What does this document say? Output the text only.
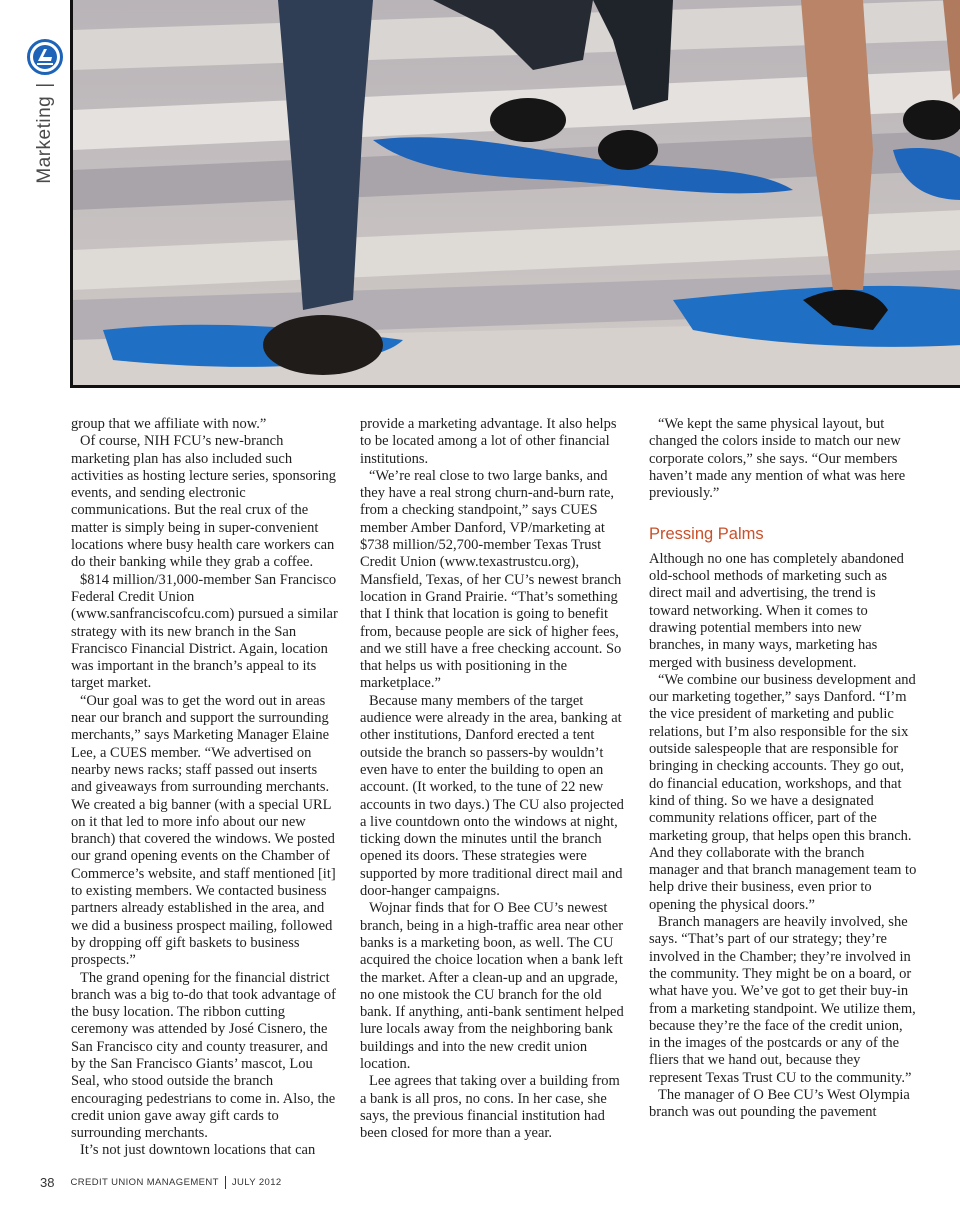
Marketing|

group that we affiliate with now.”

Of course, NIH FCU’s new-branch marketing plan has also included such activities as hosting lecture series, sponsoring events, and sending electronic communications. But the real crux of the matter is simply being in super-convenient locations where busy health care workers can do their banking while they grab a coffee.

$814 million/31,000-member San Francisco Federal Credit Union (www.sanfranciscofcu.com) pursued a similar strategy with its new branch in the San Francisco Financial District. Again, location was important in the branch’s appeal to its target market.

“Our goal was to get the word out in areas near our branch and support the surrounding merchants,” says Marketing Manager Elaine Lee, a CUES member. “We advertised on nearby news racks; staff passed out inserts and giveaways from surrounding merchants. We created a big banner (with a special URL on it that led to more info about our new branch) that covered the windows. We posted our grand opening events on the Chamber of Commerce’s website, and staff mentioned [it] to existing members. We contacted business partners already established in the area, and we did a business prospect mailing, followed by dropping off gift baskets to business prospects.”

The grand opening for the financial district branch was a big to-do that took advantage of the busy location. The ribbon cutting ceremony was attended by José Cisnero, the San Francisco city and county treasurer, and by the San Francisco Giants’ mascot, Lou Seal, who stood outside the branch encouraging pedestrians to come in. Also, the credit union gave away gift cards to surrounding merchants.

It’s not just downtown locations that can

provide a marketing advantage. It also helps to be located among a lot of other financial institutions.

“We’re real close to two large banks, and they have a real strong churn-and-burn rate, from a checking standpoint,” says CUES member Amber Danford, VP/marketing at $738 million/52,700-member Texas Trust Credit Union (www.texastrustcu.org), Mansfield, Texas, of her CU’s newest branch location in Grand Prairie. “That’s something that I think that location is going to benefit from, because people are sick of higher fees, and we still have a free checking account. So that helps us with positioning in the marketplace.”

Because many members of the target audience were already in the area, banking at other institutions, Danford erected a tent outside the branch so passers-by wouldn’t even have to enter the building to open an account. (It worked, to the tune of 22 new accounts in two days.) The CU also projected a live countdown onto the windows at night, ticking down the minutes until the branch opened its doors. These strategies were supported by more traditional direct mail and door-hanger campaigns.

Wojnar finds that for O Bee CU’s newest branch, being in a high-traffic area near other banks is a marketing boon, as well. The CU acquired the choice location when a bank left the market. After a clean-up and an upgrade, no one mistook the CU branch for the old bank. If anything, anti-bank sentiment helped lure locals away from the neighboring bank buildings and into the new credit union location.

Lee agrees that taking over a building from a bank is all pros, no cons. In her case, she says, the previous financial institution had been closed for more than a year.

“We kept the same physical layout, but changed the colors inside to match our new corporate colors,” she says. “Our members haven’t made any mention of what was here previously.”

Pressing Palms

Although no one has completely abandoned old-school methods of marketing such as direct mail and advertising, the trend is toward networking. When it comes to drawing potential members into new branches, in many ways, marketing has merged with business development.

“We combine our business development and our marketing together,” says Danford. “I’m the vice president of marketing and public relations, but I’m also responsible for the six outside salespeople that are responsible for bringing in checking accounts. They go out, do financial education, workshops, and that kind of thing. So we have a designated community relations officer, part of the marketing group, that helps open this branch. And they collaborate with the branch manager and that branch management team to help drive their business, even prior to opening the physical doors.”

Branch managers are heavily involved, she says. “That’s part of our strategy; they’re involved in the Chamber; they’re involved in the community. They might be on a board, or what have you. We’ve got to get their buy-in from a marketing standpoint. We utilize them, because they’re the face of the credit union, in the images of the postcards or any of the fliers that we hand out, because they represent Texas Trust CU to the community.”

The manager of O Bee CU’s West Olympia branch was out pounding the pavement

38 CREDIT UNION MANAGEMENT JULY 2012
